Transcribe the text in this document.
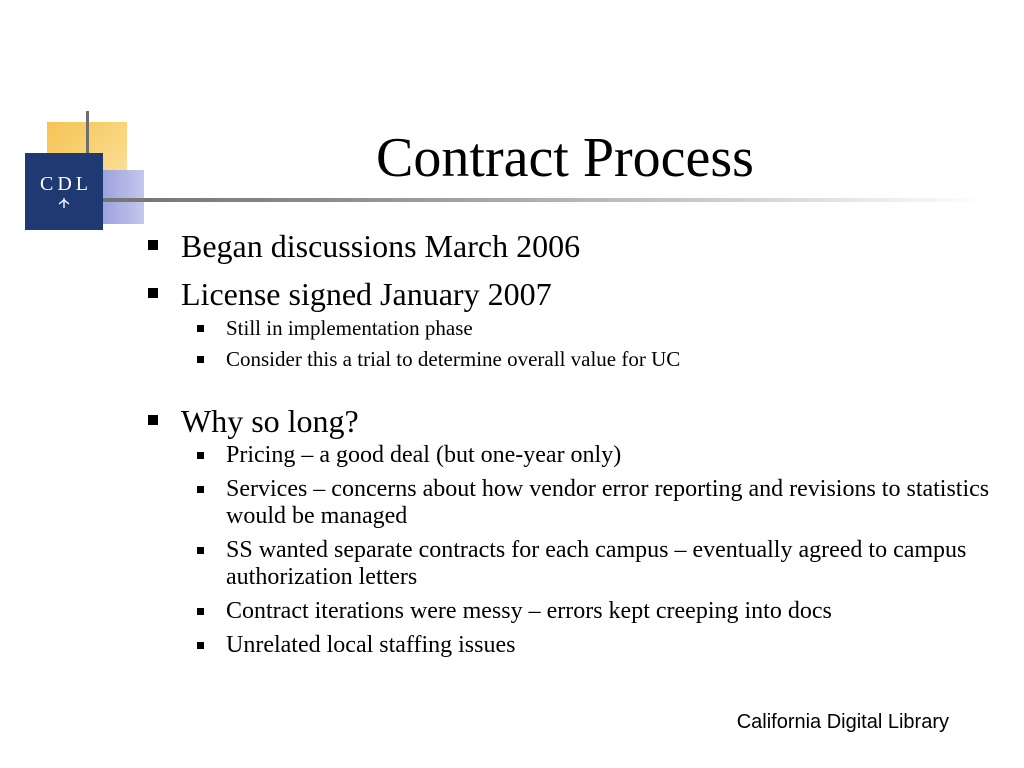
CDL	Contract Process
Began discussions March 2006
License signed January 2007
Still in implementation phase
Consider this a trial to determine overall value for UC
Why so long?
Pricing – a good deal (but one-year only)
Services – concerns about how vendor error reporting and revisions to statistics would be managed
SS wanted separate contracts for each campus – eventually agreed to campus authorization letters
Contract iterations were messy – errors kept creeping into docs
Unrelated local staffing issues
California Digital Library
